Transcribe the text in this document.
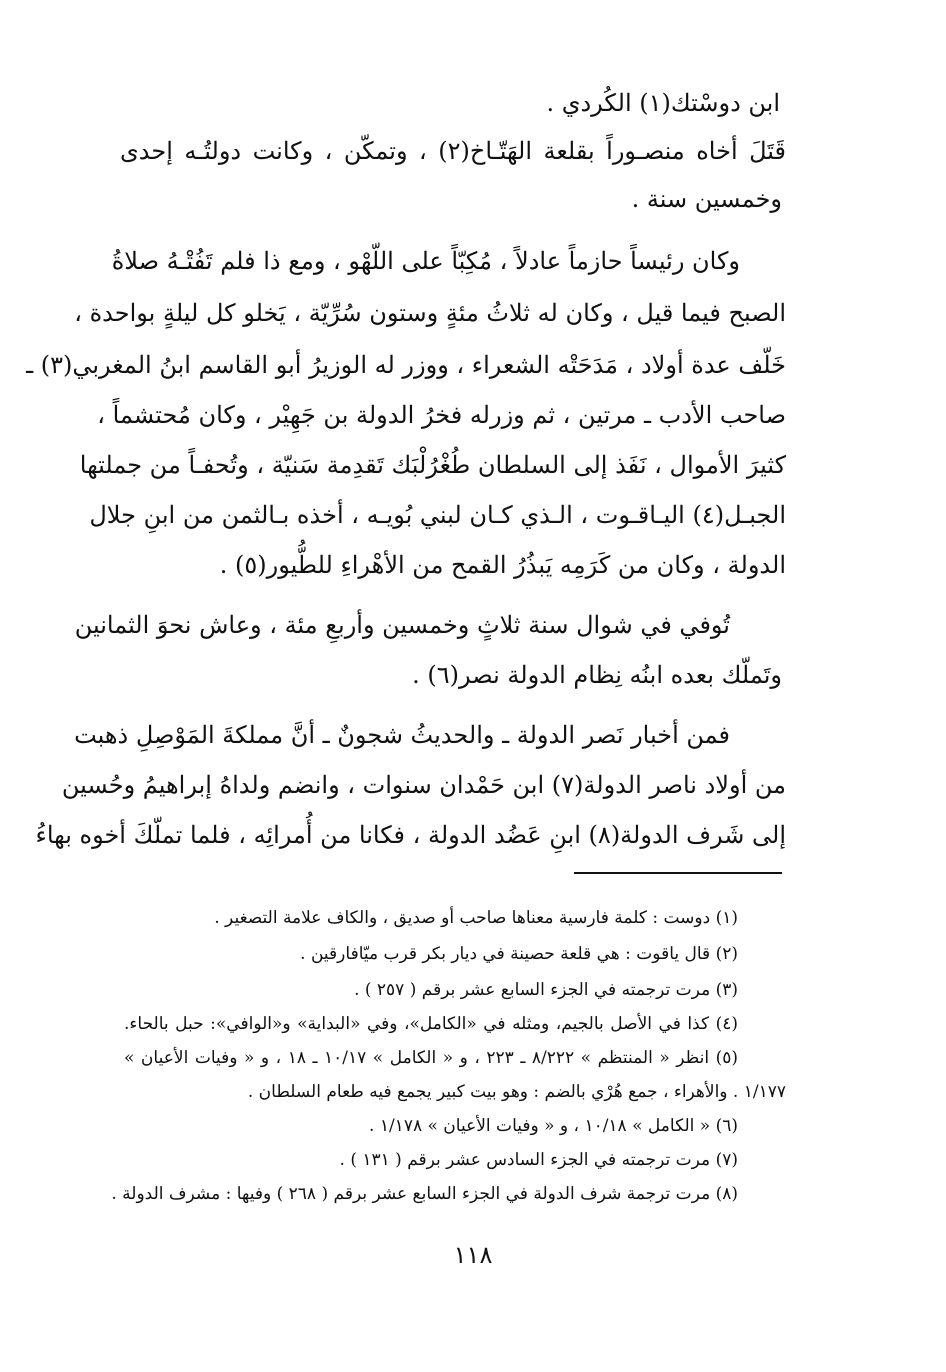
ابن دوسْتك(١) الكُردي .
قَتَلَ أخاه منصـوراً بقلعة الهَتّـاخ(٢) ، وتمكّن ، وكانت دولتُـه إحدى
وخمسين سنة .
وكان رئيساً حازماً عادلاً ، مُكِبّاً على اللّهْو ، ومع ذا فلم تَفُتْـهُ صلاةُ
الصبح فيما قيل ، وكان له ثلاثُ مئةٍ وستون سُرِّيّة ، يَخلو كل ليلةٍ بواحدة ،
خَلّف عدة أولاد ، مَدَحَتْه الشعراء ، ووزر له الوزيرُ أبو القاسم ابنُ المغربي(٣) ـ
صاحب الأدب ـ مرتين ، ثم وزرله فخرُ الدولة بن جَهِيْر ، وكان مُحتشماً ،
كثيرَ الأموال ، نَفَذ إلى السلطان طُغْرُلْبَك تَقدِمة سَنيّة ، وتُحفـاً من جملتها
الجبـل(٤) اليـاقـوت ، الـذي كـان لبني بُويـه ، أخذه بـالثمن من ابنِ جلال
الدولة ، وكان من كَرَمِه يَبذُرُ القمح من الأهْراءِ للطُّيور(٥) .
تُوفي في شوال سنة ثلاثٍ وخمسين وأربعِ مئة ، وعاش نحوَ الثمانين
وتَملّك بعده ابنُه نِظام الدولة نصر(٦) .
فمن أخبار نَصر الدولة ـ والحديثُ شجونٌ ـ أنَّ مملكةَ المَوْصِلِ ذهبت
من أولاد ناصر الدولة(٧) ابن حَمْدان سنوات ، وانضم ولداهُ إبراهيمُ وحُسين
إلى شَرف الدولة(٨) ابنِ عَضُد الدولة ، فكانا من أُمرائِه ، فلما تملّكَ أخوه بهاءُ
(١) دوست : كلمة فارسية معناها صاحب أو صديق ، والكاف علامة التصغير .
(٢) قال ياقوت : هي قلعة حصينة في ديار بكر قرب ميّافارقين .
(٣) مرت ترجمته في الجزء السابع عشر برقم ( ٢٥٧ ) .
(٤) كذا في الأصل بالجيم، ومثله في «الكامل»، وفي «البداية» و«الوافي»: حبل بالحاء.
(٥) انظر « المنتظم » ٨/٢٢٢ ـ ٢٢٣ ، و « الكامل » ١٠/١٧ ـ ١٨ ، و « وفيات الأعيان »
١/١٧٧ . والأهراء ، جمع هُرْي بالضم : وهو بيت كبير يجمع فيه طعام السلطان .
(٦) « الكامل » ١٠/١٨ ، و « وفيات الأعيان » ١/١٧٨ .
(٧) مرت ترجمته في الجزء السادس عشر برقم ( ١٣١ ) .
(٨) مرت ترجمة شرف الدولة في الجزء السابع عشر برقم ( ٢٦٨ ) وفيها : مشرف الدولة .
١١٨
